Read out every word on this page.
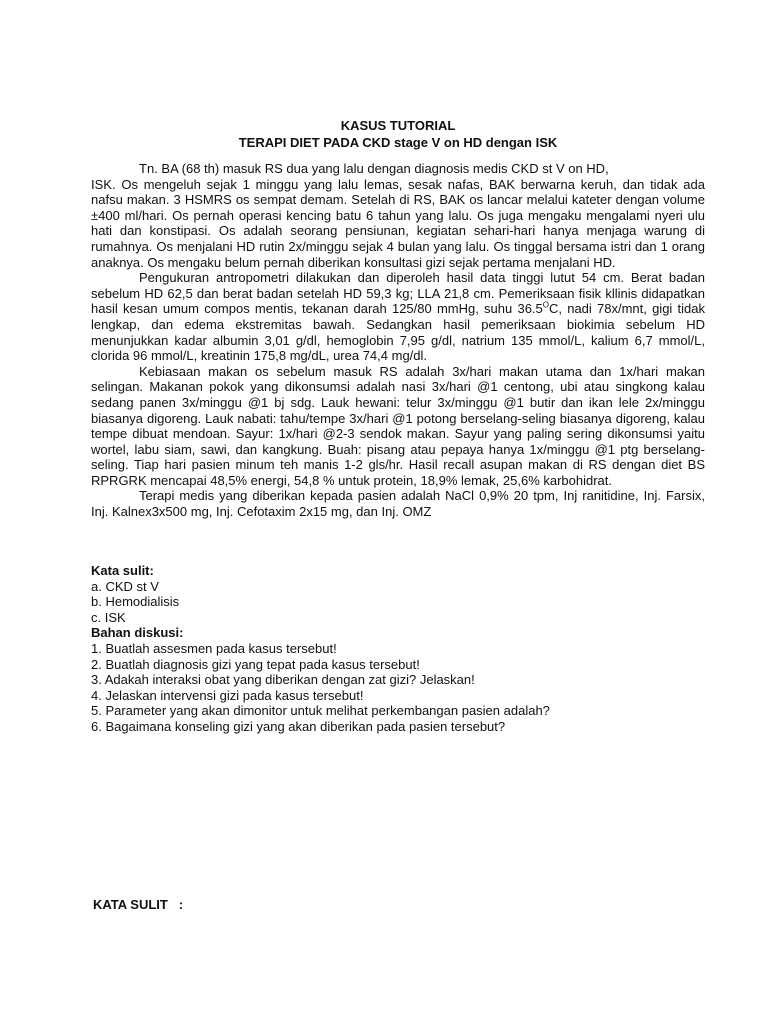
KASUS TUTORIAL
TERAPI DIET PADA CKD stage V on HD dengan ISK

Tn. BA (68 th) masuk RS dua yang lalu dengan diagnosis medis CKD st V on HD,

ISK. Os mengeluh sejak 1 minggu yang lalu lemas, sesak nafas, BAK berwarna keruh, dan tidak ada nafsu makan. 3 HSMRS os sempat demam. Setelah di RS, BAK os lancar melalui kateter dengan volume ±400 ml/hari. Os pernah operasi kencing batu 6 tahun yang lalu. Os juga mengaku mengalami nyeri ulu hati dan konstipasi. Os adalah seorang pensiunan, kegiatan sehari-hari hanya menjaga warung di rumahnya. Os menjalani HD rutin 2x/minggu sejak 4 bulan yang lalu. Os tinggal bersama istri dan 1 orang anaknya. Os mengaku belum pernah diberikan konsultasi gizi sejak pertama menjalani HD.

Pengukuran antropometri dilakukan dan diperoleh hasil data tinggi lutut 54 cm. Berat badan sebelum HD 62,5 dan berat badan setelah HD 59,3 kg; LLA 21,8 cm. Pemeriksaan fisik kllinis didapatkan hasil kesan umum compos mentis, tekanan darah 125/80 mmHg, suhu $36.5^OC$, nadi 78x/mnt, gigi tidak lengkap, dan edema ekstremitas bawah. Sedangkan hasil pemeriksaan biokimia sebelum HD menunjukkan kadar albumin 3,01 g/dl, hemoglobin 7,95 g/dl, natrium 135 mmol/L, kalium 6,7 mmol/L, clorida 96 mmol/L, kreatinin 175,8 mg/dL, urea 74,4 mg/dl.

Kebiasaan makan os sebelum masuk RS adalah 3x/hari makan utama dan 1x/hari makan selingan. Makanan pokok yang dikonsumsi adalah nasi 3x/hari @1 centong, ubi atau singkong kalau sedang panen 3x/minggu @1 bj sdg. Lauk hewani: telur 3x/minggu @1 butir dan ikan lele 2x/minggu biasanya digoreng. Lauk nabati: tahu/tempe 3x/hari @1 potong berselang-seling biasanya digoreng, kalau tempe dibuat mendoan. Sayur: 1x/hari @2-3 sendok makan. Sayur yang paling sering dikonsumsi yaitu wortel, labu siam, sawi, dan kangkung. Buah: pisang atau pepaya hanya 1x/minggu @1 ptg berselang-seling. Tiap hari pasien minum teh manis 1-2 gls/hr. Hasil recall asupan makan di RS dengan diet BS RPRGRK mencapai 48,5% energi, 54,8 % untuk protein, 18,9% lemak, 25,6% karbohidrat.

Terapi medis yang diberikan kepada pasien adalah NaCl 0,9% 20 tpm, Inj ranitidine, Inj. Farsix, Inj. Kalnex3x500 mg, Inj. Cefotaxim 2x15 mg, dan Inj. OMZ

Kata sulit:
a. CKD st V
b. Hemodialisis
c. ISK
Bahan diskusi:
1. Buatlah assesmen pada kasus tersebut!
2. Buatlah diagnosis gizi yang tepat pada kasus tersebut!
3. Adakah interaksi obat yang diberikan dengan zat gizi? Jelaskan!
4. Jelaskan intervensi gizi pada kasus tersebut!
5. Parameter yang akan dimonitor untuk melihat perkembangan pasien adalah?
6. Bagaimana konseling gizi yang akan diberikan pada pasien tersebut?
KATA SULIT   :
